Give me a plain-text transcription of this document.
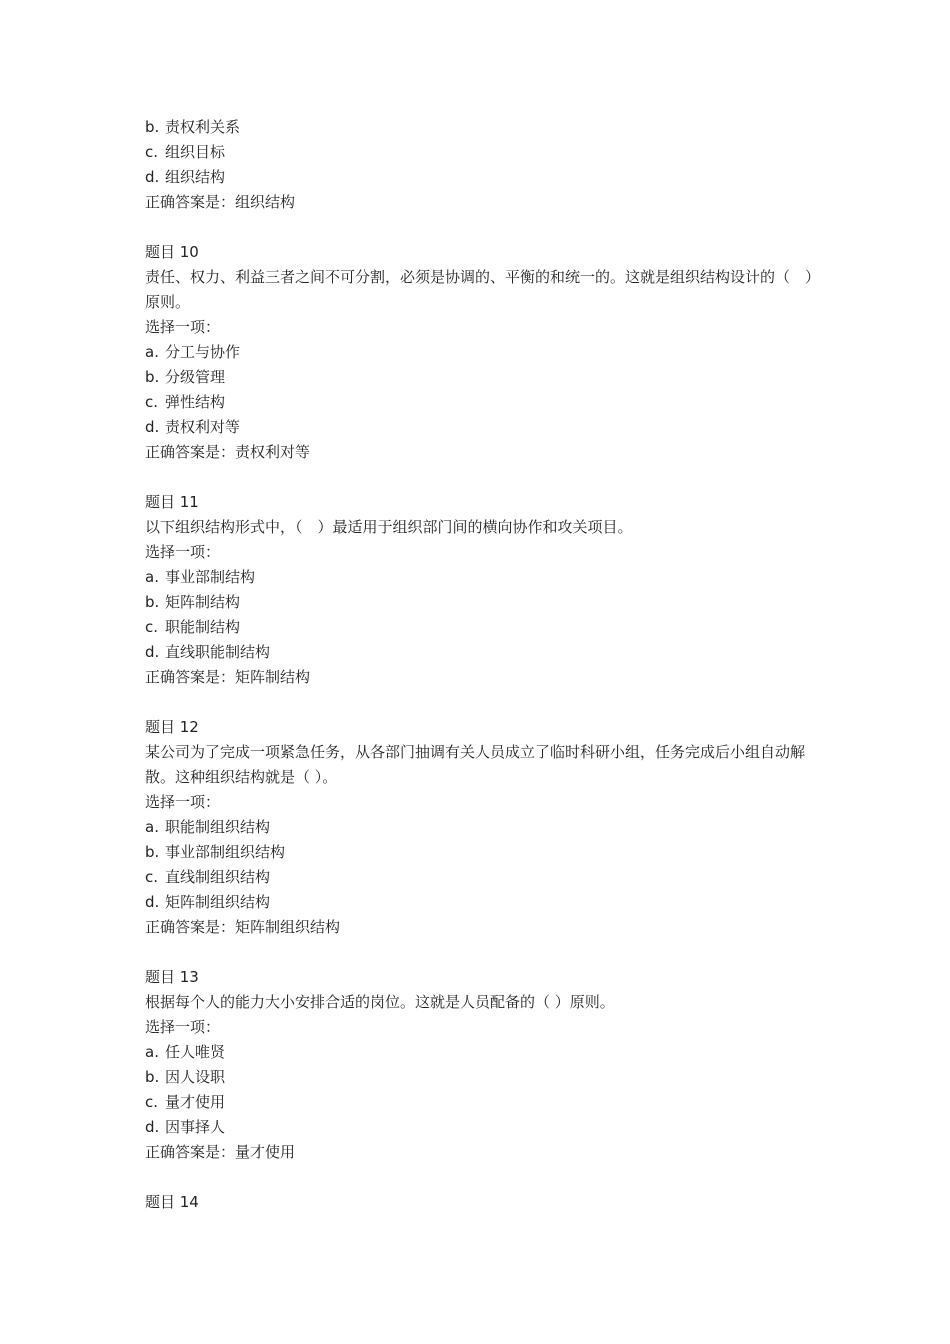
b. 责权利关系
c. 组织目标
d. 组织结构
正确答案是：组织结构
题目 10
责任、权力、利益三者之间不可分割，必须是协调的、平衡的和统一的。这就是组织结构设计的（　）原则。
选择一项：
a. 分工与协作
b. 分级管理
c. 弹性结构
d. 责权利对等
正确答案是：责权利对等
题目 11
以下组织结构形式中，（　）最适用于组织部门间的横向协作和攻关项目。
选择一项：
a. 事业部制结构
b. 矩阵制结构
c. 职能制结构
d. 直线职能制结构
正确答案是：矩阵制结构
题目 12
某公司为了完成一项紧急任务，从各部门抽调有关人员成立了临时科研小组，任务完成后小组自动解散。这种组织结构就是（ ）。
选择一项：
a. 职能制组织结构
b. 事业部制组织结构
c. 直线制组织结构
d. 矩阵制组织结构
正确答案是：矩阵制组织结构
题目 13
根据每个人的能力大小安排合适的岗位。这就是人员配备的（ ）原则。
选择一项：
a. 任人唯贤
b. 因人设职
c. 量才使用
d. 因事择人
正确答案是：量才使用
题目 14
